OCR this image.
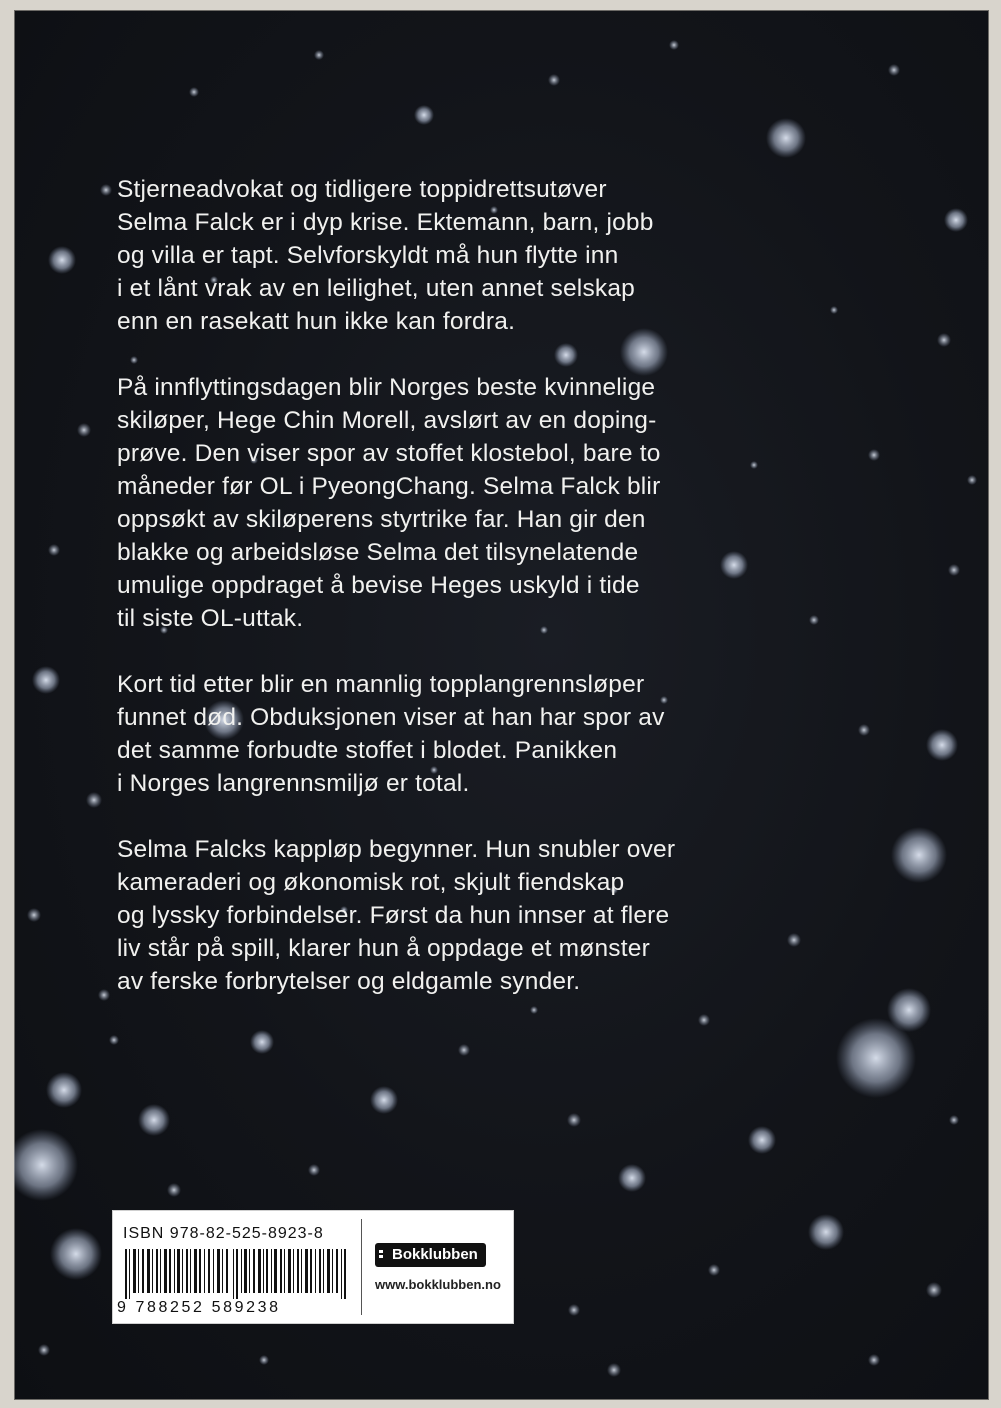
Stjerneadvokat og tidligere toppidrettsutøver
Selma Falck er i dyp krise. Ektemann, barn, jobb
og villa er tapt. Selvforskyldt må hun flytte inn
i et lånt vrak av en leilighet, uten annet selskap
enn en rasekatt hun ikke kan fordra.

På innflyttingsdagen blir Norges beste kvinnelige
skiløper, Hege Chin Morell, avslørt av en doping-
prøve. Den viser spor av stoffet klostebol, bare to
måneder før OL i PyeongChang. Selma Falck blir
oppsøkt av skiløperens styrtrike far. Han gir den
blakke og arbeidsløse Selma det tilsynelatende
umulige oppdraget å bevise Heges uskyld i tide
til siste OL-uttak.

Kort tid etter blir en mannlig topplangrennsløper
funnet død. Obduksjonen viser at han har spor av
det samme forbudte stoffet i blodet. Panikken
i Norges langrennsmiljø er total.

Selma Falcks kappløp begynner. Hun snubler over
kameraderi og økonomisk rot, skjult fiendskap
og lyssky forbindelser. Først da hun innser at flere
liv står på spill, klarer hun å oppdage et mønster
av ferske forbrytelser og eldgamle synder.

ISBN 978-82-525-8923-8
9 788252 589238
Bokklubben
www.bokklubben.no
